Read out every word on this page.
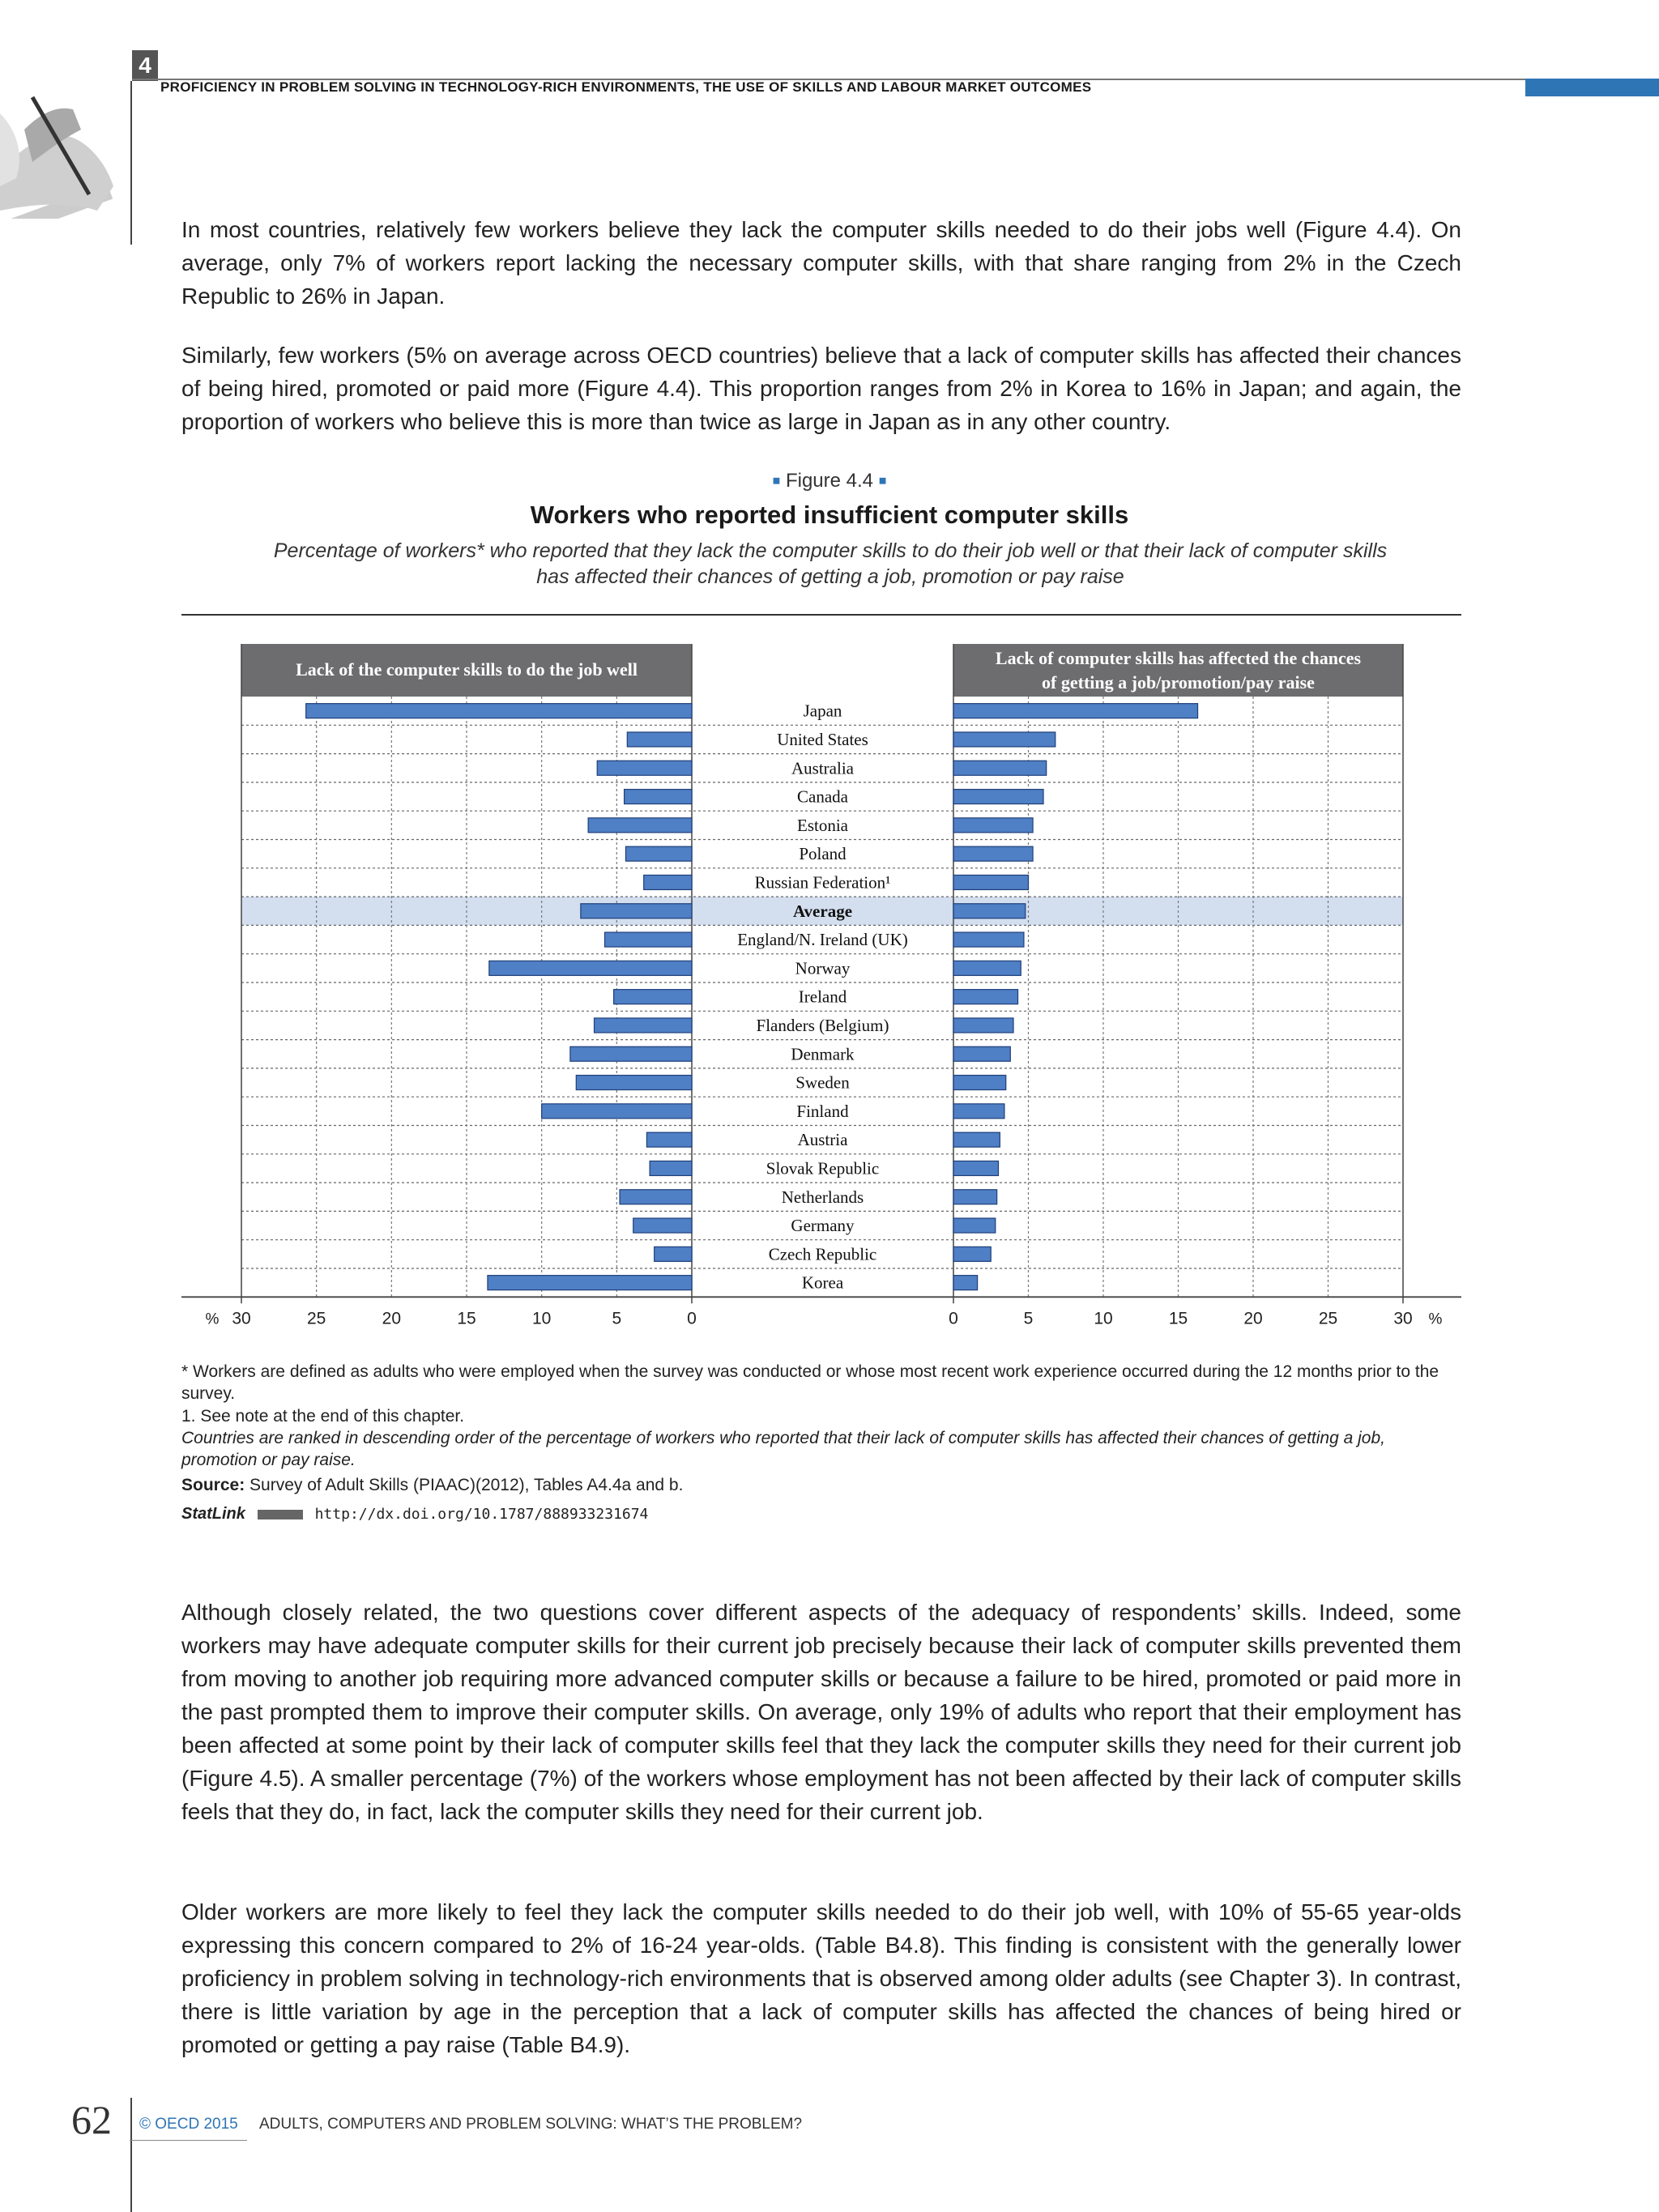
4
PROFICIENCY IN PROBLEM SOLVING IN TECHNOLOGY-RICH ENVIRONMENTS, THE USE OF SKILLS AND LABOUR MARKET OUTCOMES
In most countries, relatively few workers believe they lack the computer skills needed to do their jobs well (Figure 4.4). On average, only 7% of workers report lacking the necessary computer skills, with that share ranging from 2% in the Czech Republic to 26% in Japan.
Similarly, few workers (5% on average across OECD countries) believe that a lack of computer skills has affected their chances of being hired, promoted or paid more (Figure 4.4). This proportion ranges from 2% in Korea to 16% in Japan; and again, the proportion of workers who believe this is more than twice as large in Japan as in any other country.
■ Figure 4.4 ■
Workers who reported insufficient computer skills
Percentage of workers* who reported that they lack the computer skills to do their job well or that their lack of computer skills has affected their chances of getting a job, promotion or pay raise
Lack of the computer skills to do the job well
Lack of computer skills has affected the chances
of getting a job/promotion/pay raise
Japan
United States
Australia
Canada
Estonia
Poland
Russian Federation¹
Average
England/N. Ireland (UK)
Norway
Ireland
Flanders (Belgium)
Denmark
Sweden
Finland
Austria
Slovak Republic
Netherlands
Germany
Czech Republic
Korea
0	0
5	5
10	10
15	15
20	20
25	25
30	30
%	%
* Workers are defined as adults who were employed when the survey was conducted or whose most recent work experience occurred during the 12 months prior to the survey.
1. See note at the end of this chapter.
Countries are ranked in descending order of the percentage of workers who reported that their lack of computer skills has affected their chances of getting a job, promotion or pay raise.
Source: Survey of Adult Skills (PIAAC)(2012), Tables A4.4a and b.
StatLink	http://dx.doi.org/10.1787/888933231674
Although closely related, the two questions cover different aspects of the adequacy of respondents’ skills. Indeed, some workers may have adequate computer skills for their current job precisely because their lack of computer skills prevented them from moving to another job requiring more advanced computer skills or because a failure to be hired, promoted or paid more in the past prompted them to improve their computer skills. On average, only 19% of adults who report that their employment has been affected at some point by their lack of computer skills feel that they lack the computer skills they need for their current job (Figure 4.5). A smaller percentage (7%) of the workers whose employment has not been affected by their lack of computer skills feels that they do, in fact, lack the computer skills they need for their current job.
Older workers are more likely to feel they lack the computer skills needed to do their job well, with 10% of 55-65 year-olds expressing this concern compared to 2% of 16-24 year-olds. (Table B4.8). This finding is consistent with the generally lower proficiency in problem solving in technology-rich environments that is observed among older adults (see Chapter 3). In contrast, there is little variation by age in the perception that a lack of computer skills has affected the chances of being hired or promoted or getting a pay raise (Table B4.9).
62 © OECD 2015 ADULTS, COMPUTERS AND PROBLEM SOLVING: WHAT’S THE PROBLEM?
